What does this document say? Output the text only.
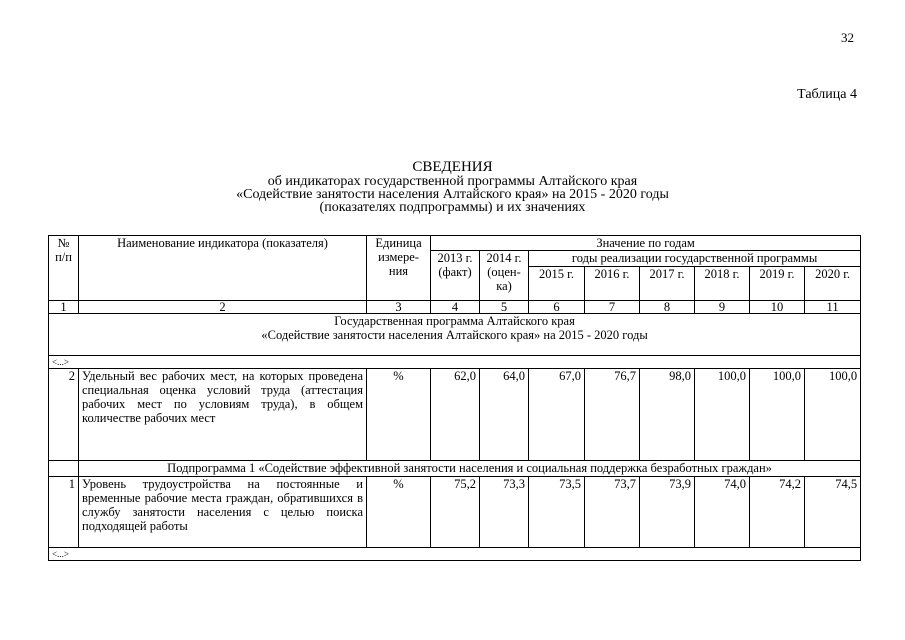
32
Таблица 4
СВЕДЕНИЯ
об индикаторах государственной программы Алтайского края
«Содействие занятости населения Алтайского края» на 2015 - 2020 годы
(показателях подпрограммы) и их значениях
№ п/п	Наименование индикатора (показателя)	Единица измере-ния	Значение по годам							
			2013 г. (факт)	2014 г. (оцен-ка)	годы реализации государственной программы					
					2015 г.	2016 г.	2017 г.	2018 г.	2019 г.	2020 г.
1	2	3	4	5	6	7	8	9	10	11

Государственная программа Алтайского края
«Содействие занятости населения Алтайского края» на 2015 - 2020 годы										

<...>										
2	Удельный вес рабочих мест, на которых проведена специальная оценка условий труда (аттестация рабочих мест по условиям труда), в общем количестве рабочих мест	%	62,0	64,0	67,0	76,7	98,0	100,0	100,0	100,0
	Подпрограмма 1 «Содействие эффективной занятости населения и социальная поддержка безработных граждан»									
1	Уровень трудоустройства на постоянные и временные рабочие места граждан, обратившихся в службу занятости населения с целью поиска подходящей работы	%	75,2	73,3	73,5	73,7	73,9	74,0	74,2	74,5
<...>										
